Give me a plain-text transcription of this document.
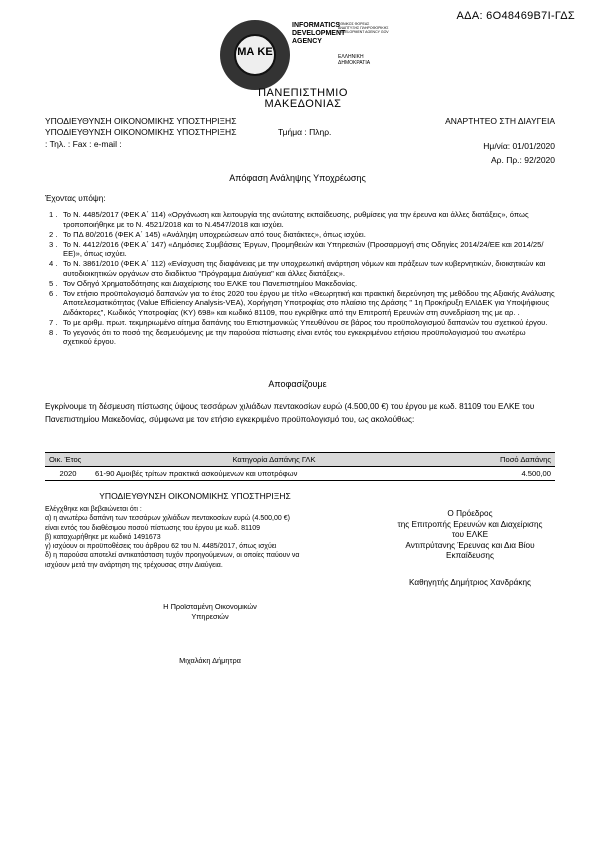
ΑΔΑ: 6Ο48469Β7Ι-ΓΔΣ
ΜΑ ΚΕ
INFORMATICS
DEVELOPMENT
AGENCY
ΕΘΝΙΚΟΣ ΦΟΡΕΑΣ ΑΝΑΠΤΥΞΗΣ ΠΛΗΡΟΦΟΡΙΚΗΣ DEVELOPMENT AGENCY GOV
ΕΛΛΗΝΙΚΗ
ΔΗΜΟΚΡΑΤΙΑ
ΠΑΝΕΠΙΣΤΗΜΙΟ
ΜΑΚΕΔΟΝΙΑΣ
ΥΠΟΔΙΕΥΘΥΝΣΗ ΟΙΚΟΝΟΜΙΚΗΣ ΥΠΟΣΤΗΡΙΞΗΣ	ΑΝΑΡΤΗΤΕΟ ΣΤΗ ΔΙΑΥΓΕΙΑ
ΥΠΟΔΙΕΥΘΥΝΣΗ ΟΙΚΟΝΟΜΙΚΗΣ ΥΠΟΣΤΗΡΙΞΗΣ	Τμήμα : Πληρ.
: Τηλ. : Fax : e-mail :	Ημ/νία: 01/01/2020
Αρ. Πρ.: 92/2020
Απόφαση Ανάληψης Υποχρέωσης
Έχοντας υπόψη:
1 . Το Ν. 4485/2017 (ΦΕΚ Α΄ 114) «Οργάνωση και λειτουργία της ανώτατης εκπαίδευσης, ρυθμίσεις για την έρευνα και άλλες διατάξεις», όπως τροποποιήθηκε με το Ν. 4521/2018 και το Ν.4547/2018 και ισχύει.
2 . Το ΠΔ 80/2016 (ΦΕΚ Α΄ 145) «Ανάληψη υποχρεώσεων από τους διατάκτες», όπως ισχύει.
3 . Το Ν. 4412/2016 (ΦΕΚ Α΄ 147) «Δημόσιες Συμβάσεις Έργων, Προμηθειών και Υπηρεσιών (Προσαρμογή στις Οδηγίες 2014/24/ΕΕ και 2014/25/ΕΕ)», όπως ισχύει.
4 . Το Ν. 3861/2010 (ΦΕΚ Α΄ 112) «Ενίσχυση της διαφάνειας με την υποχρεωτική ανάρτηση νόμων και πράξεων των κυβερνητικών, διοικητικών και αυτοδιοικητικών οργάνων στο διαδίκτυο "Πρόγραμμα Διαύγεια" και άλλες διατάξεις».
5 . Τον Οδηγό Χρηματοδότησης και Διαχείρισης του ΕΛΚΕ του Πανεπιστημίου Μακεδονίας.
6 . Τον ετήσιο προϋπολογισμό δαπανών για το έτος 2020 του έργου με τίτλο «Θεωρητική και πρακτική διερεύνηση της μεθόδου της Αξιακής Ανάλυσης Αποτελεσματικότητας (Value Efficiency Analysis-VEA), Χορήγηση Υποτροφίας στο πλαίσιο της Δράσης " 1η Προκήρυξη ΕΛΙΔΕΚ για Υποψήφιους Διδάκτορες", Κωδικός Υποτροφίας (ΚΥ) 698» και κωδικό 81109, που εγκρίθηκε από την Επιτροπή Ερευνών στη συνεδρίαση της με αρ. .
7 . Το με αριθμ. πρωτ. τεκμηριωμένο αίτημα δαπάνης του Επιστημονικώς Υπευθύνου σε βάρος του προϋπολογισμού δαπανών του σχετικού έργου.
8 . Το γεγονός ότι το ποσό της δεσμευόμενης με την παρούσα πίστωσης είναι εντός του εγκεκριμένου ετήσιου προϋπολογισμού του ανωτέρω σχετικού έργου.
Αποφασίζουμε
Εγκρίνουμε τη δέσμευση πίστωσης ύψους τεσσάρων χιλιάδων πεντακοσίων ευρώ (4.500,00 €) του έργου με κωδ. 81109 του ΕΛΚΕ του Πανεπιστημίου Μακεδονίας, σύμφωνα με τον ετήσιο εγκεκριμένο προϋπολογισμό του, ως ακολούθως:
Οικ. Έτος	Κατηγορία Δαπάνης ΓΛΚ	Ποσό Δαπάνης
2020	61-90 Αμοιβές τρίτων πρακτικά ασκούμενων και υποτρόφων	4.500,00
ΥΠΟΔΙΕΥΘΥΝΣΗ ΟΙΚΟΝΟΜΙΚΗΣ ΥΠΟΣΤΗΡΙΞΗΣ
Ελέγχθηκε και βεβαιώνεται ότι :
α) η ανωτέρω δαπάνη των τεσσάρων χιλιάδων πεντακοσίων ευρώ (4.500,00 €)
είναι εντός του διαθέσιμου ποσού πίστωσης του έργου με κωδ. 81109
β) καταχωρήθηκε με κωδικό 1491673
γ) ισχύουν οι προϋποθέσεις του άρθρου 62 του Ν. 4485/2017, όπως ισχύει
δ) η παρούσα αποτελεί αντικατάσταση τυχόν προηγούμενων, οι οποίες παύουν να
ισχύουν μετά την ανάρτηση της τρέχουσας στην Διαύγεια.
Η Προϊσταμένη Οικονομικών
Υπηρεσιών
Μιχαλάκη Δήμητρα
Ο Πρόεδρος
της Επιτροπής Ερευνών και Διαχείρισης
του ΕΛΚΕ
Αντιπρύτανης Έρευνας και Δια Βίου
Εκπαίδευσης
Καθηγητής Δημήτριος Χανδράκης
